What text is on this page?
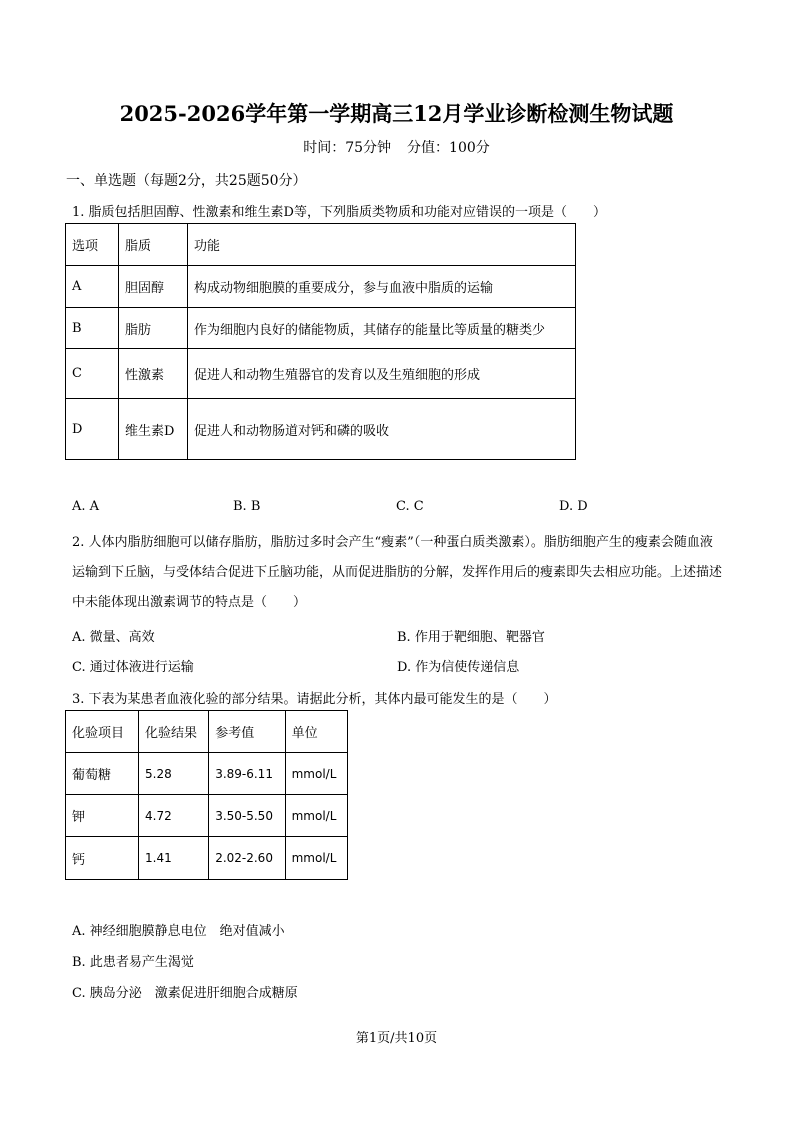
2025-2026学年第一学期高三12月学业诊断检测生物试题
时间：75分钟 分值：100分
一、单选题（每题2分，共25题50分）
1. 脂质包括胆固醇、性激素和维生素D等，下列脂质类物质和功能对应错误的一项是（　　）
选项	脂质	功能
A	胆固醇	构成动物细胞膜的重要成分，参与血液中脂质的运输
B	脂肪	作为细胞内良好的储能物质，其储存的能量比等质量的糖类少
C	性激素	促进人和动物生殖器官的发育以及生殖细胞的形成
D	维生素D	促进人和动物肠道对钙和磷的吸收
A. A	B. B	C. C	D. D
2. 人体内脂肪细胞可以储存脂肪，脂肪过多时会产生“瘦素”（一种蛋白质类激素）。脂肪细胞产生的瘦素会随血液运输到下丘脑，与受体结合促进下丘脑功能，从而促进脂肪的分解，发挥作用后的瘦素即失去相应功能。上述描述中未能体现出激素调节的特点是（　　）
A. 微量、高效	B. 作用于靶细胞、靶器官
C. 通过体液进行运输	D. 作为信使传递信息
3. 下表为某患者血液化验的部分结果。请据此分析，其体内最可能发生的是（　　）
化验项目	化验结果	参考值	单位
葡萄糖	5.28	3.89-6.11	mmol/L
钾	4.72	3.50-5.50	mmol/L
钙	1.41	2.02-2.60	mmol/L
A. 神经细胞膜静息电位　绝对值减小
B. 此患者易产生渴觉
C. 胰岛分泌　激素促进肝细胞合成糖原
第1页/共10页
